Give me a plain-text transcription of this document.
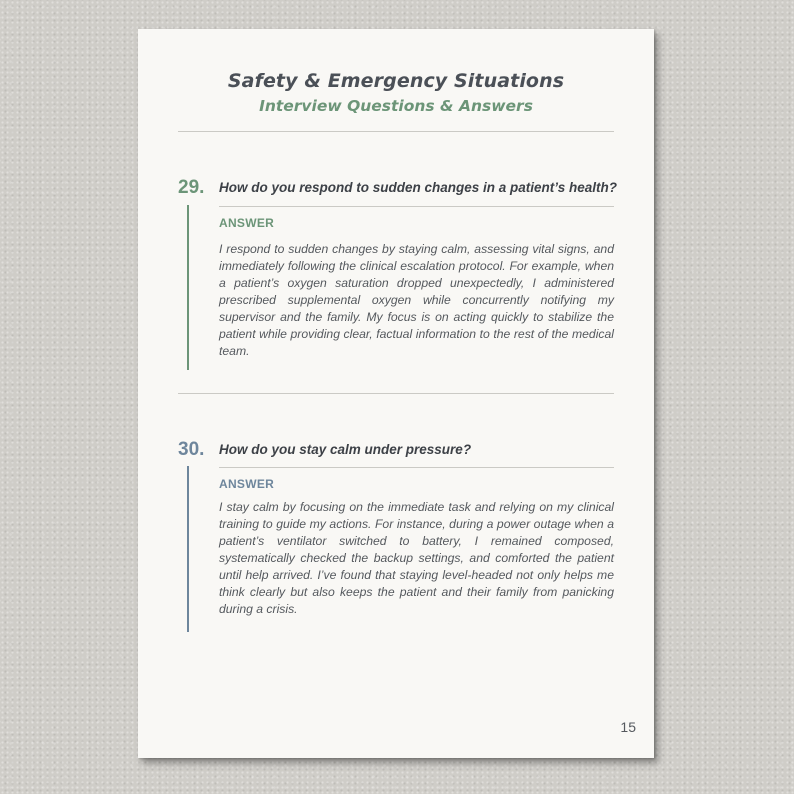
Safety & Emergency Situations
Interview Questions & Answers
29. How do you respond to sudden changes in a patient’s health?
ANSWER
I respond to sudden changes by staying calm, assessing vital signs, and immediately following the clinical escalation protocol. For example, when a patient’s oxygen saturation dropped unexpectedly, I administered prescribed supplemental oxygen while concurrently notifying my supervisor and the family. My focus is on acting quickly to stabilize the patient while providing clear, factual information to the rest of the medical team.
30. How do you stay calm under pressure?
ANSWER
I stay calm by focusing on the immediate task and relying on my clinical training to guide my actions. For instance, during a power outage when a patient’s ventilator switched to battery, I remained composed, systematically checked the backup settings, and comforted the patient until help arrived. I’ve found that staying level-headed not only helps me think clearly but also keeps the patient and their family from panicking during a crisis.
15
